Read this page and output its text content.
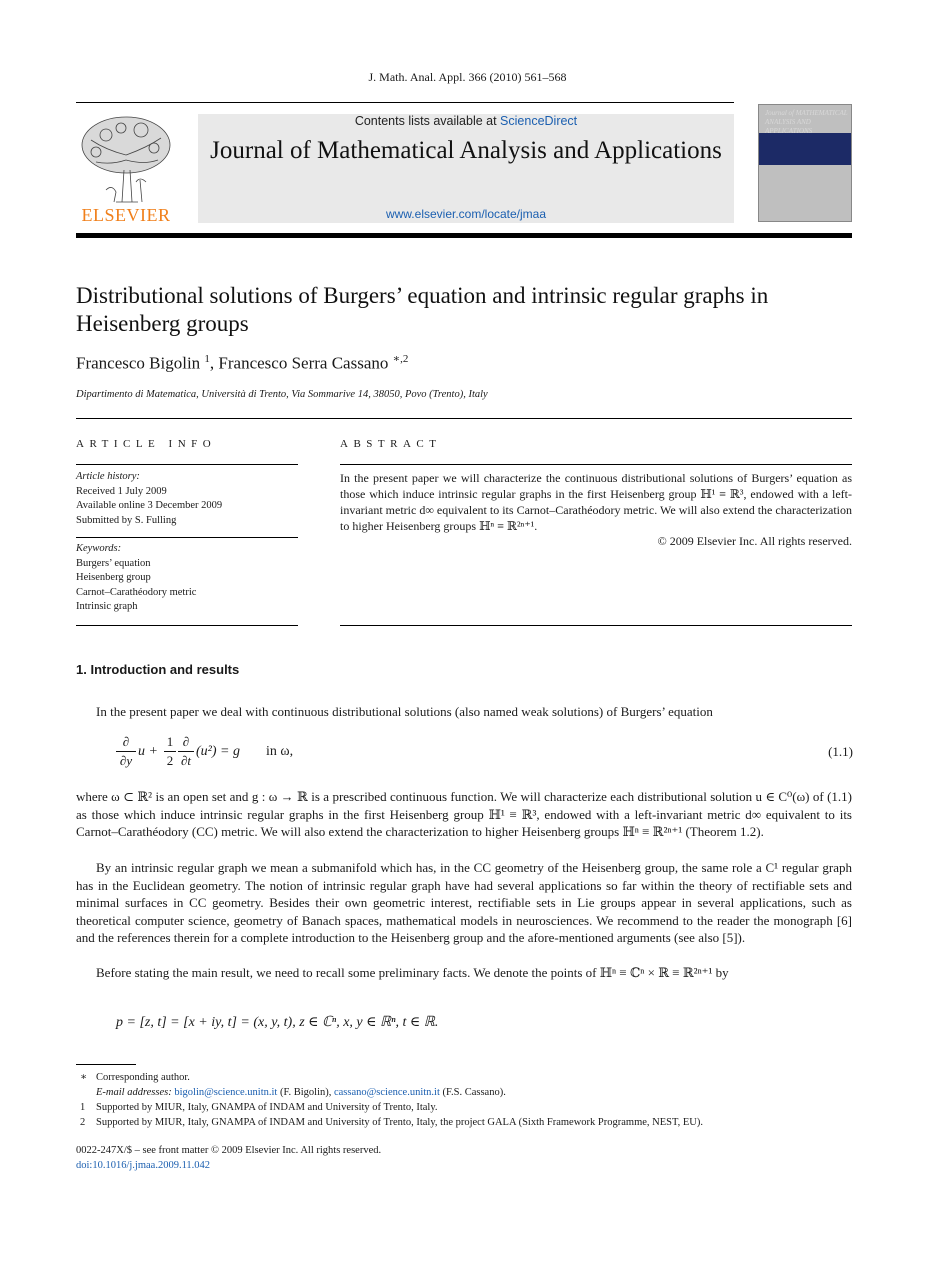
J. Math. Anal. Appl. 366 (2010) 561–568
ELSEVIER
Contents lists available at ScienceDirect
Journal of Mathematical Analysis and Applications
www.elsevier.com/locate/jmaa
Journal of MATHEMATICAL ANALYSIS AND APPLICATIONS
Distributional solutions of Burgers’ equation and intrinsic regular graphs in Heisenberg groups
Francesco Bigolin $^1$, Francesco Serra Cassano $^{∗,2}$
Dipartimento di Matematica, Università di Trento, Via Sommarive 14, 38050, Povo (Trento), Italy
ARTICLE INFO	ABSTRACT
Article history:
Received 1 July 2009
Available online 3 December 2009
Submitted by S. Fulling
Keywords:
Burgers’ equation
Heisenberg group
Carnot–Carathéodory metric
Intrinsic graph
In the present paper we will characterize the continuous distributional solutions of Burgers’ equation as those which induce intrinsic regular graphs in the first Heisenberg group ℍ¹ ≡ ℝ³, endowed with a left-invariant metric d∞ equivalent to its Carnot–Carathéodory metric. We will also extend the characterization to higher Heisenberg groups ℍⁿ ≡ ℝ²ⁿ⁺¹.
© 2009 Elsevier Inc. All rights reserved.
1. Introduction and results
In the present paper we deal with continuous distributional solutions (also named weak solutions) of Burgers’ equation
∂
∂y
u +
1
2
∂
∂t
(u²) = g in ω,	(1.1)
where ω ⊂ ℝ² is an open set and g : ω → ℝ is a prescribed continuous function. We will characterize each distributional solution u ∈ C⁰(ω) of (1.1) as those which induce intrinsic regular graphs in the first Heisenberg group ℍ¹ ≡ ℝ³, endowed with a left-invariant metric d∞ equivalent to its Carnot–Carathéodory (CC) metric. We will also extend the characterization to higher Heisenberg groups ℍⁿ ≡ ℝ²ⁿ⁺¹ (Theorem 1.2).
By an intrinsic regular graph we mean a submanifold which has, in the CC geometry of the Heisenberg group, the same role a C¹ regular graph has in the Euclidean geometry. The notion of intrinsic regular graph have had several applications so far within the theory of rectifiable sets and minimal surfaces in CC geometry. Besides their own geometric interest, rectifiable sets in Lie groups appear in several applications, such as theoretical computer science, geometry of Banach spaces, mathematical models in neurosciences. We recommend to the reader the monograph [6] and the references therein for a complete introduction to the Heisenberg group and the afore-mentioned arguments (see also [5]).
Before stating the main result, we need to recall some preliminary facts. We denote the points of ℍⁿ ≡ ℂⁿ × ℝ ≡ ℝ²ⁿ⁺¹ by
p = [z, t] = [x + iy, t] = (x, y, t), z ∈ ℂⁿ, x, y ∈ ℝⁿ, t ∈ ℝ.
∗ Corresponding author.
E-mail addresses: bigolin@science.unitn.it (F. Bigolin), cassano@science.unitn.it (F.S. Cassano).
1 Supported by MIUR, Italy, GNAMPA of INDAM and University of Trento, Italy.
2 Supported by MIUR, Italy, GNAMPA of INDAM and University of Trento, Italy, the project GALA (Sixth Framework Programme, NEST, EU).
0022-247X/$ – see front matter © 2009 Elsevier Inc. All rights reserved.
doi:10.1016/j.jmaa.2009.11.042
